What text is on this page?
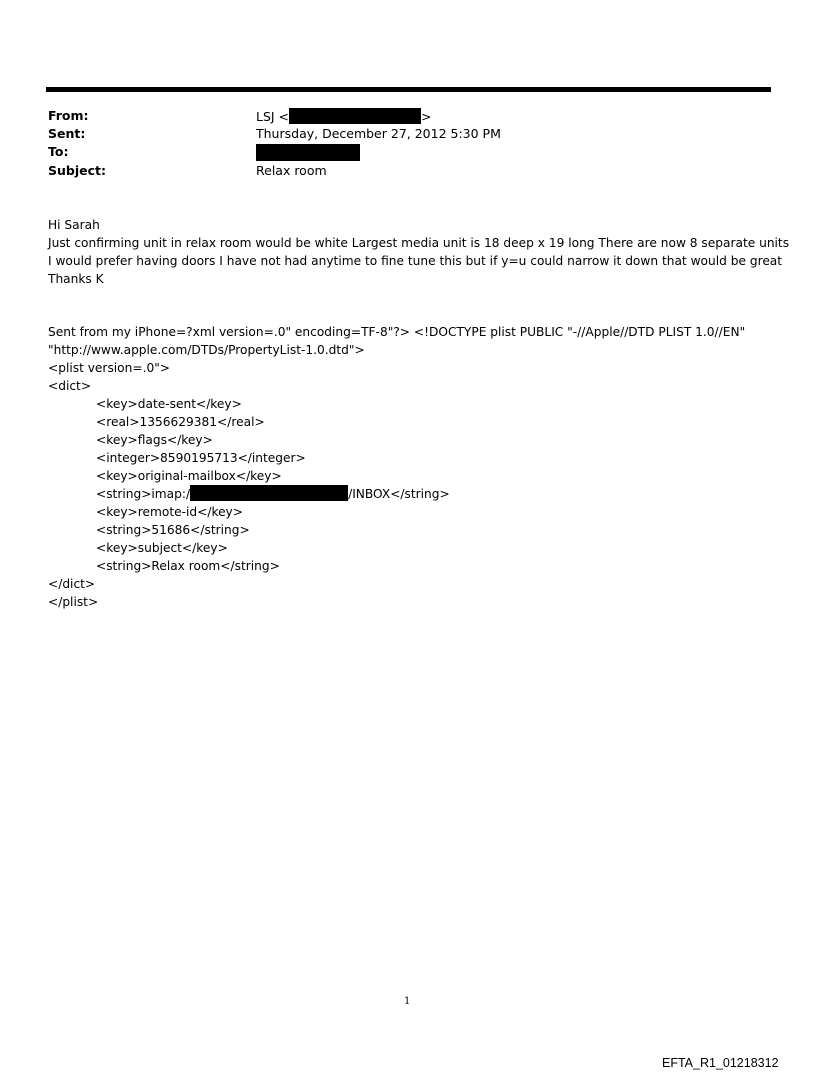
From:	LSJ <	>
Sent:	Thursday, December 27, 2012 5:30 PM
To:
Subject:	Relax room
Hi Sarah
Just confirming unit in relax room would be white Largest media unit is 18 deep x 19 long There are now 8 separate units
I would prefer having doors I have not had anytime to fine tune this but if y=u could narrow it down that would be great
Thanks K
Sent from my iPhone=?xml version=.0" encoding=TF-8"?> <!DOCTYPE plist PUBLIC "-//Apple//DTD PLIST 1.0//EN"
"http://www.apple.com/DTDs/PropertyList-1.0.dtd">
<plist version=.0">
<dict>
<key>date-sent</key>
<real>1356629381</real>
<key>flags</key>
<integer>8590195713</integer>
<key>original-mailbox</key>
<string>imap:/	/INBOX</string>
<key>remote-id</key>
<string>51686</string>
<key>subject</key>
<string>Relax room</string>
</dict>
</plist>
1
EFTA_R1_01218312
